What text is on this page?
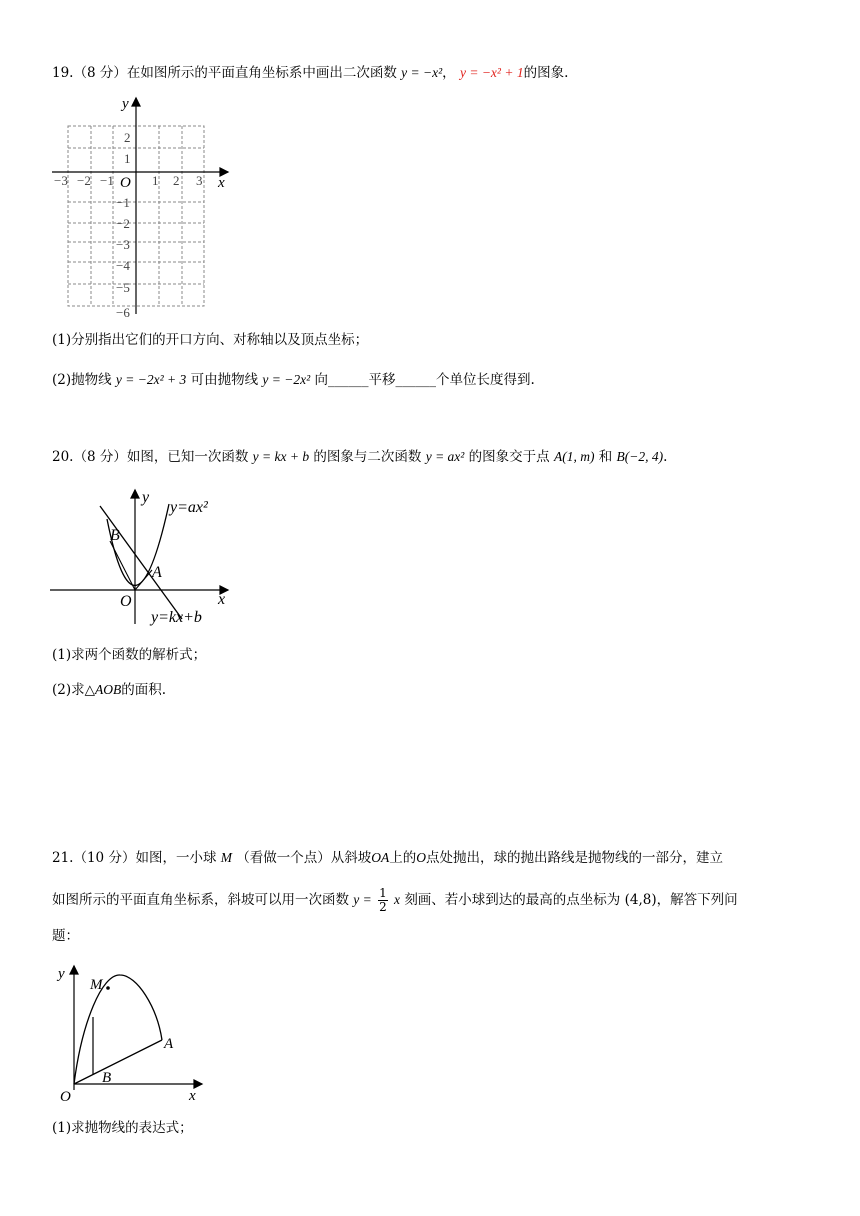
19.（8 分）在如图所示的平面直角坐标系中画出二次函数 y = −x²， y = −x² + 1的图象.
−3 −2 −1	1 2 3
2
1
−1
−2
−3
−4
−5
−6
O	x
y
(1)分别指出它们的开口方向、对称轴以及顶点坐标；
(2)抛物线 y = −2x² + 3 可由抛物线 y = −2x² 向______平移______个单位长度得到.
20.（8 分）如图，已知一次函数 y = kx + b 的图象与二次函数 y = ax² 的图象交于点 A(1, m) 和 B(−2, 4).
y
x
O
B
A
y=ax²
y=kx+b
(1)求两个函数的解析式；
(2)求△AOB的面积.
21.（10 分）如图，一小球 M （看做一个点）从斜坡OA上的O点处抛出，球的抛出路线是抛物线的一部分，建立
如图所示的平面直角坐标系，斜坡可以用一次函数 $y = \frac{1}{2}$ x 刻画、若小球到达的最高的点坐标为 (4,8)，解答下列问
题：
y
x
O
M
A
B
(1)求抛物线的表达式；
